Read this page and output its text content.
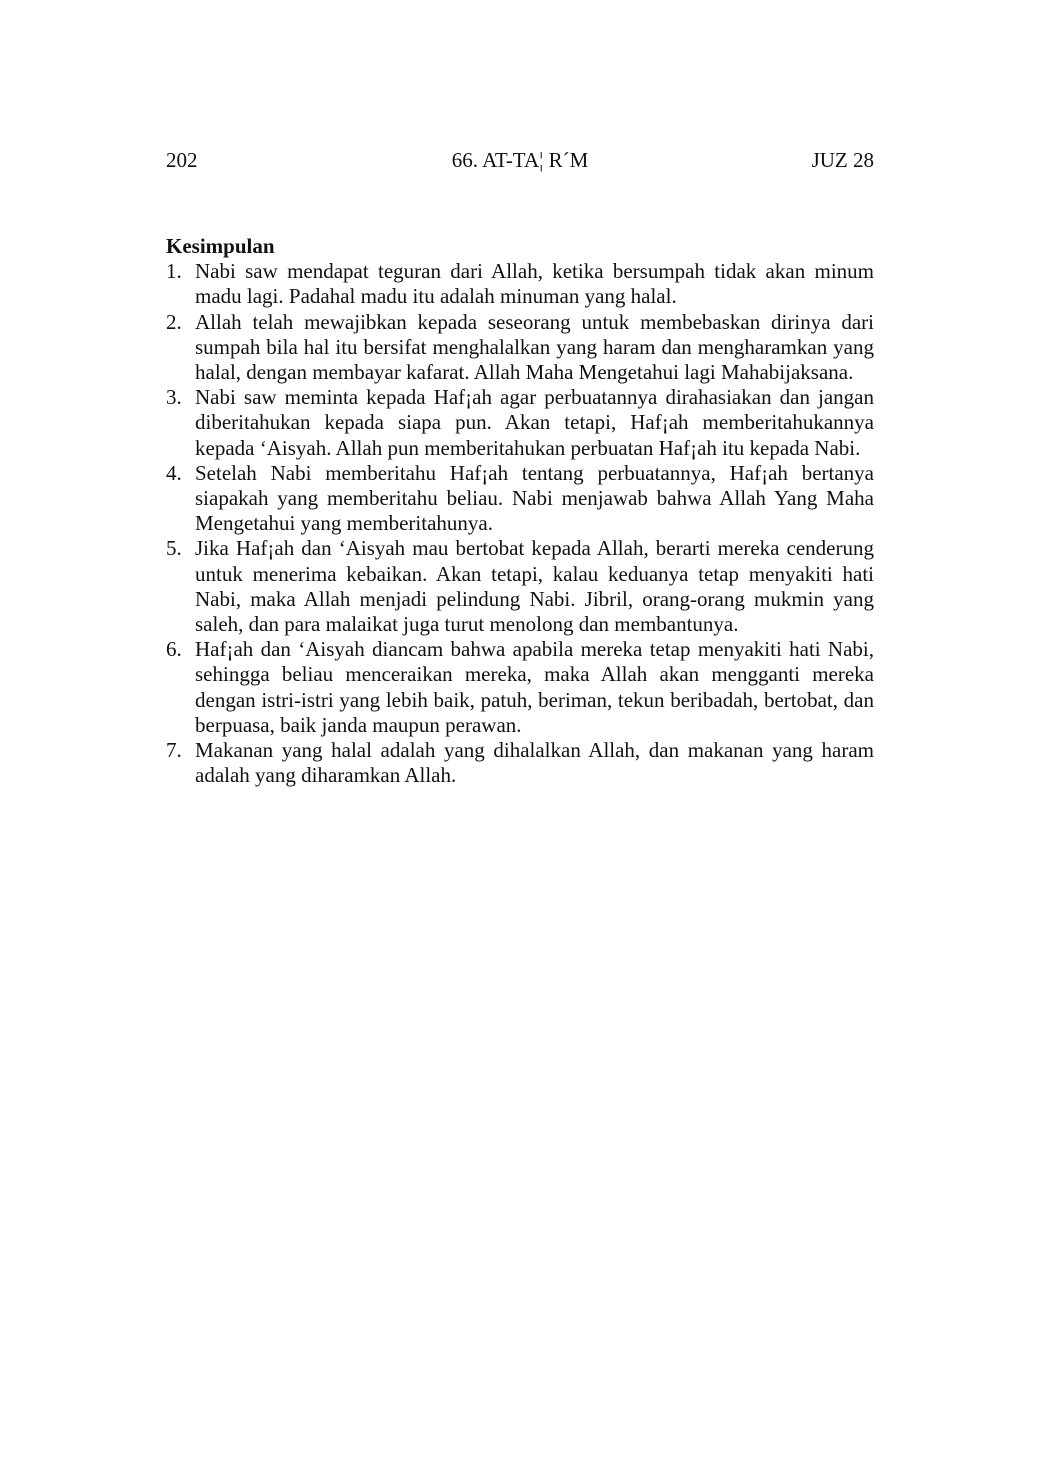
202	66. AT-TA¦ R´M	JUZ 28
Kesimpulan
1. Nabi saw mendapat teguran dari Allah, ketika bersumpah tidak akan minum madu lagi. Padahal madu itu adalah minuman yang halal.
2. Allah telah mewajibkan kepada seseorang untuk membebaskan dirinya dari sumpah bila hal itu bersifat menghalalkan yang haram dan mengharamkan yang halal, dengan membayar kafarat. Allah Maha Mengetahui lagi Mahabijaksana.
3. Nabi saw meminta kepada Haf¡ah agar perbuatannya dirahasiakan dan jangan diberitahukan kepada siapa pun. Akan tetapi, Haf¡ah memberitahukannya kepada ‘Aisyah. Allah pun memberitahukan perbuatan Haf¡ah itu kepada Nabi.
4. Setelah Nabi memberitahu Haf¡ah tentang perbuatannya, Haf¡ah bertanya siapakah yang memberitahu beliau. Nabi menjawab bahwa Allah Yang Maha Mengetahui yang memberitahunya.
5. Jika Haf¡ah dan ‘Aisyah mau bertobat kepada Allah, berarti mereka cenderung untuk menerima kebaikan. Akan tetapi, kalau keduanya tetap menyakiti hati Nabi, maka Allah menjadi pelindung Nabi. Jibril, orang-orang mukmin yang saleh, dan para malaikat juga turut menolong dan membantunya.
6. Haf¡ah dan ‘Aisyah diancam bahwa apabila mereka tetap menyakiti hati Nabi, sehingga beliau menceraikan mereka, maka Allah akan mengganti mereka dengan istri-istri yang lebih baik, patuh, beriman, tekun beribadah, bertobat, dan berpuasa, baik janda maupun perawan.
7. Makanan yang halal adalah yang dihalalkan Allah, dan makanan yang haram adalah yang diharamkan Allah.
